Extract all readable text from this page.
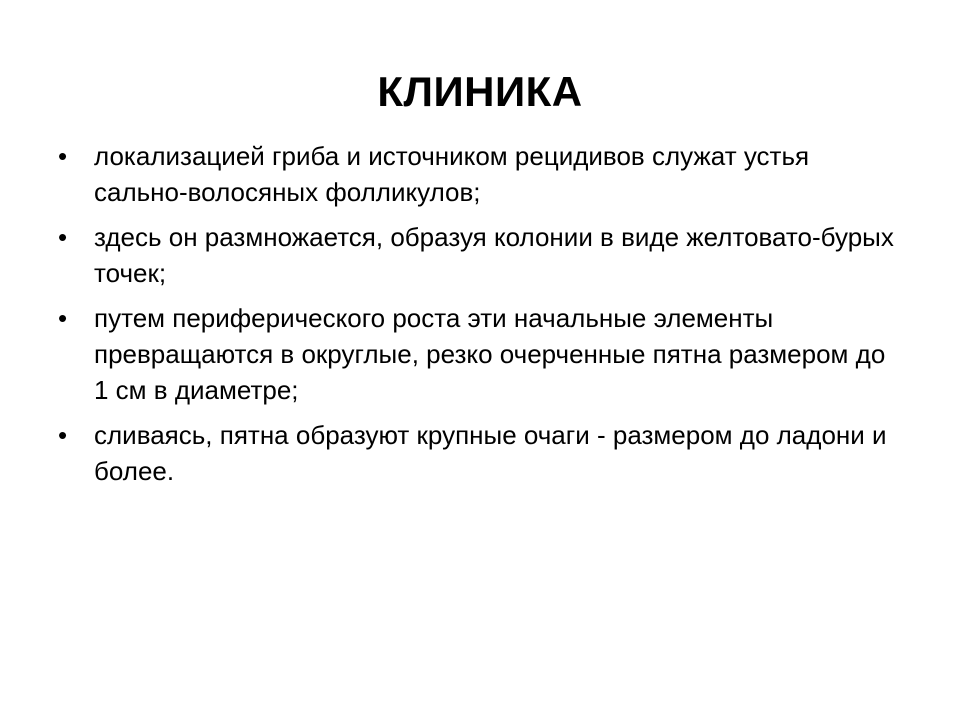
КЛИНИКА
• локализацией гриба и источником рецидивов служат устья сально-волосяных фолликулов;
• здесь он размножается, образуя колонии в виде желтовато-бурых точек;
• путем периферического роста эти начальные элементы превращаются в округлые, резко очерченные пятна размером до 1 см в диаметре;
• сливаясь, пятна образуют крупные очаги - размером до ладони и более.
